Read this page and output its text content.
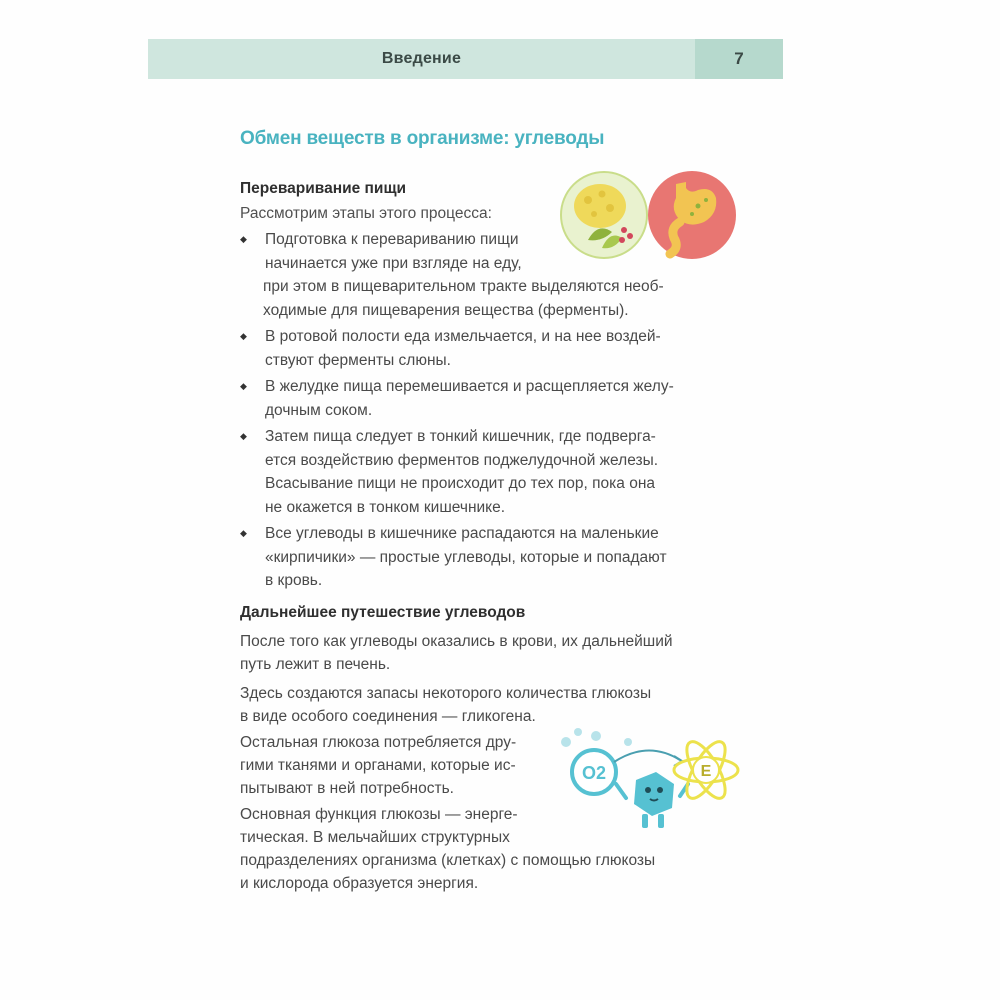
Введение	7
Обмен веществ в организме: углеводы
Переваривание пищи
Рассмотрим этапы этого процесса:
◆ Подготовка к перевариванию пищи
начинается уже при взгляде на еду,
при этом в пищеварительном тракте выделяются необ-
ходимые для пищеварения вещества (ферменты).
◆ В ротовой полости еда измельчается, и на нее воздей-
ствуют ферменты слюны.
◆ В желудке пища перемешивается и расщепляется желу-
дочным соком.
◆ Затем пища следует в тонкий кишечник, где подверга-
ется воздействию ферментов поджелудочной железы.
Всасывание пищи не происходит до тех пор, пока она
не окажется в тонком кишечнике.
◆ Все углеводы в кишечнике распадаются на маленькие
«кирпичики» — простые углеводы, которые и попадают
в кровь.
Дальнейшее путешествие углеводов
После того как углеводы оказались в крови, их дальнейший
путь лежит в печень.
Здесь создаются запасы некоторого количества глюкозы
в виде особого соединения — гликогена.
Остальная глюкоза потребляется дру-
гими тканями и органами, которые ис-
пытывают в ней потребность.
Основная функция глюкозы — энерге-
тическая. В мельчайших структурных
подразделениях организма (клетках) с помощью глюкозы
и кислорода образуется энергия.
O2	E
